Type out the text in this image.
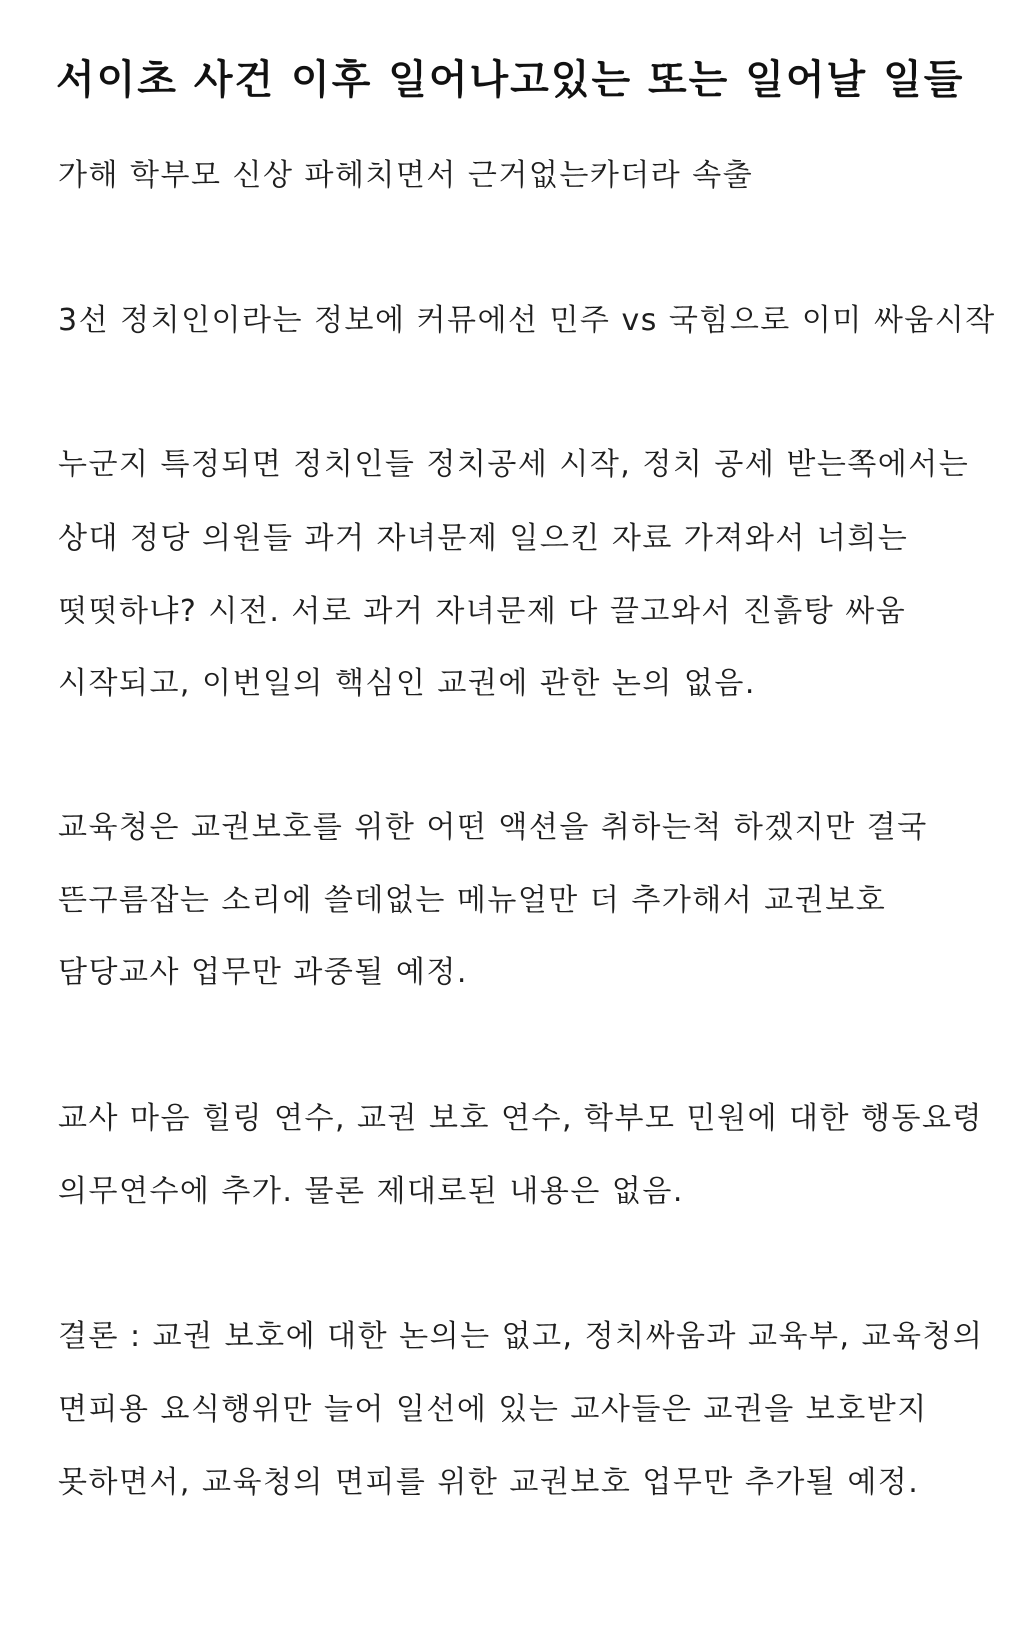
서이초 사건 이후 일어나고있는 또는 일어날 일들
가해 학부모 신상 파헤치면서 근거없는카더라 속출
3선 정치인이라는 정보에 커뮤에선 민주 vs 국힘으로 이미 싸움시작
누군지 특정되면 정치인들 정치공세 시작, 정치 공세 받는쪽에서는
상대 정당 의원들 과거 자녀문제 일으킨 자료 가져와서 너희는
떳떳하냐? 시전. 서로 과거 자녀문제 다 끌고와서 진흙탕 싸움
시작되고, 이번일의 핵심인 교권에 관한 논의 없음.
교육청은 교권보호를 위한 어떤 액션을 취하는척 하겠지만 결국
뜬구름잡는 소리에 쓸데없는 메뉴얼만 더 추가해서 교권보호
담당교사 업무만 과중될 예정.
교사 마음 힐링 연수, 교권 보호 연수, 학부모 민원에 대한 행동요령
의무연수에 추가. 물론 제대로된 내용은 없음.
결론 : 교권 보호에 대한 논의는 없고, 정치싸움과 교육부, 교육청의
면피용 요식행위만 늘어 일선에 있는 교사들은 교권을 보호받지
못하면서, 교육청의 면피를 위한 교권보호 업무만 추가될 예정.
